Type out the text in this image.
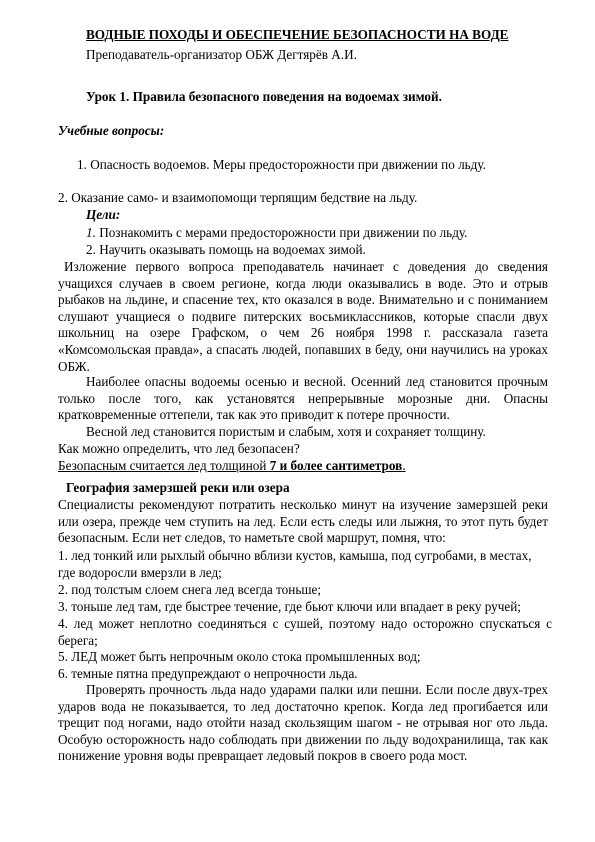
ВОДНЫЕ ПОХОДЫ И ОБЕСПЕЧЕНИЕ БЕЗОПАСНОСТИ НА ВОДЕ
Преподаватель-организатор ОБЖ Дегтярёв А.И.
Урок 1. Правила безопасного поведения на водоемах зимой.
Учебные вопросы:
1. Опасность водоемов. Меры предосторожности при движении по льду.
2. Оказание само- и взаимопомощи терпящим бедствие на льду.
Цели:
1. Познакомить с мерами предосторожности при движении по льду.
2. Научить оказывать помощь на водоемах зимой.
Изложение первого вопроса преподаватель начинает с доведения до сведения учащихся случаев в своем регионе, когда люди оказывались в воде. Это и отрыв рыбаков на льдине, и спасение тех, кто оказался в воде. Внимательно и с пониманием слушают учащиеся о подвиге питерских восьмиклассников, которые спасли двух школьниц на озере Графском, о чем 26 ноября 1998 г. рассказала газета «Комсомольская правда», а спасать людей, попавших в беду, они научились на уроках ОБЖ.
Наиболее опасны водоемы осенью и весной. Осенний лед становится прочным только после того, как установятся непрерывные морозные дни. Опасны кратковременные оттепели, так как это приводит к потере прочности.
Весной лед становится пористым и слабым, хотя и сохраняет толщину.
Как можно определить, что лед безопасен?
Безопасным считается лед толщиной 7 и более сантиметров.
География замерзшей реки или озера
Специалисты рекомендуют потратить несколько минут на изучение замерзшей реки или озера, прежде чем ступить на лед. Если есть следы или лыжня, то этот путь будет безопасным. Если нет следов, то наметьте свой маршрут, помня, что:
1. лед тонкий или рыхлый обычно вблизи кустов, камыша, под сугробами, в местах, где водоросли вмерзли в лед;
2. под толстым слоем снега лед всегда тоньше;
3. тоньше лед там, где быстрее течение, где бьют ключи или впадает в реку ручей;
4. лед может неплотно соединяться с сушей, поэтому надо осторожно спускаться с берега;
5. ЛЕД может быть непрочным около стока промышленных вод;
6. темные пятна предупреждают о непрочности льда.
Проверять прочность льда надо ударами палки или пешни. Если после двух-трех ударов вода не показывается, то лед достаточно крепок. Когда лед прогибается или трещит под ногами, надо отойти назад скользящим шагом - не отрывая ног ото льда. Особую осторожность надо соблюдать при движении по льду водохранилища, так как понижение уровня воды превращает ледовый покров в своего рода мост.
